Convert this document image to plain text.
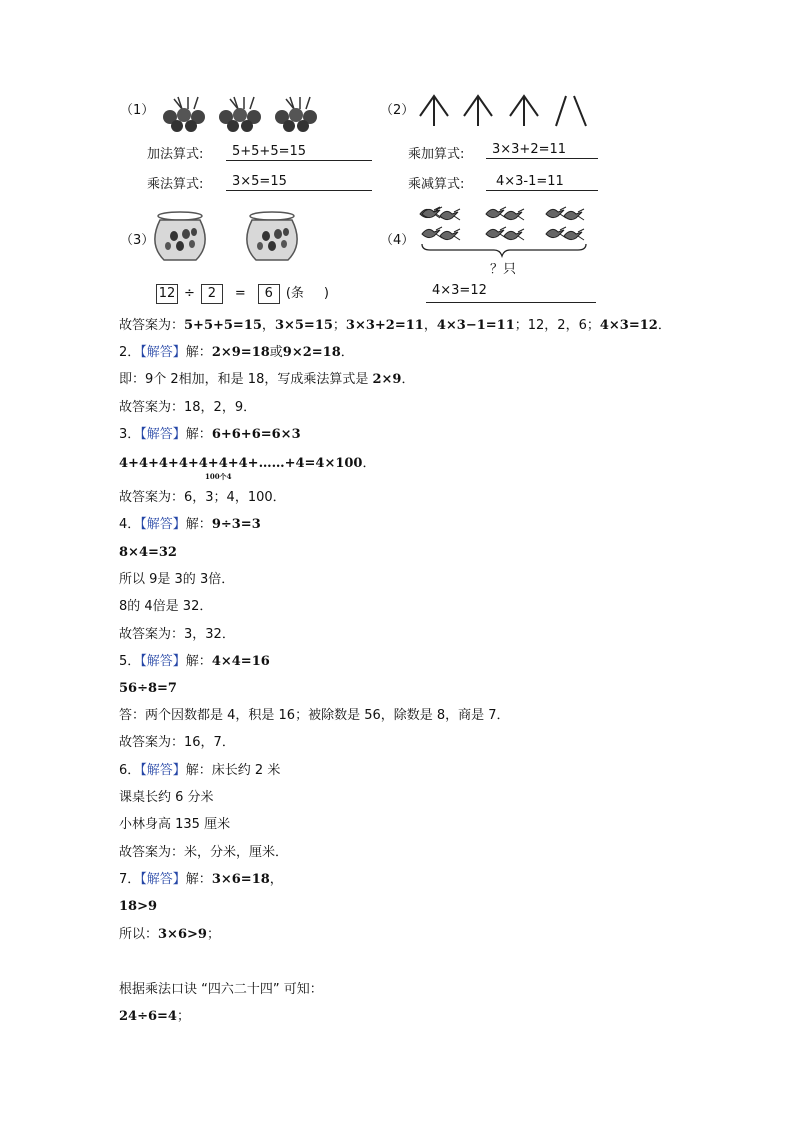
（1）
加法算式:	5+5+5=15
乘法算式:	3×5=15
（2）
乘加算式:	3×3+2=11
乘减算式:	4×3-1=11
（3）
12 ÷ 2	=	6 (条 )
（4）
？只
4×3=12
故答案为：5+5+5=15，3×5=15；3×3+2=11，4×3−1=11；12，2，6；4×3=12．
2．【解答】解：2×9=18或9×2=18．
即：9个 2相加，和是 18，写成乘法算式是 2×9．
故答案为：18，2，9．
3．【解答】解：6+6+6=6×3
4+4+4+4+4+4+4+……+4=4×100．
100个4
故答案为：6，3；4，100．
4．【解答】解：9÷3=3
8×4=32
所以 9是 3的 3倍．
8的 4倍是 32．
故答案为：3，32．
5．【解答】解：4×4=16
56÷8=7
答：两个因数都是 4，积是 16；被除数是 56，除数是 8，商是 7．
故答案为：16，7．
6．【解答】解：床长约 2 米
课桌长约 6 分米
小林身高 135 厘米
故答案为：米，分米，厘米．
7．【解答】解：3×6=18，
18>9
所以：3×6>9；
根据乘法口诀 “四六二十四” 可知：
24÷6=4；
